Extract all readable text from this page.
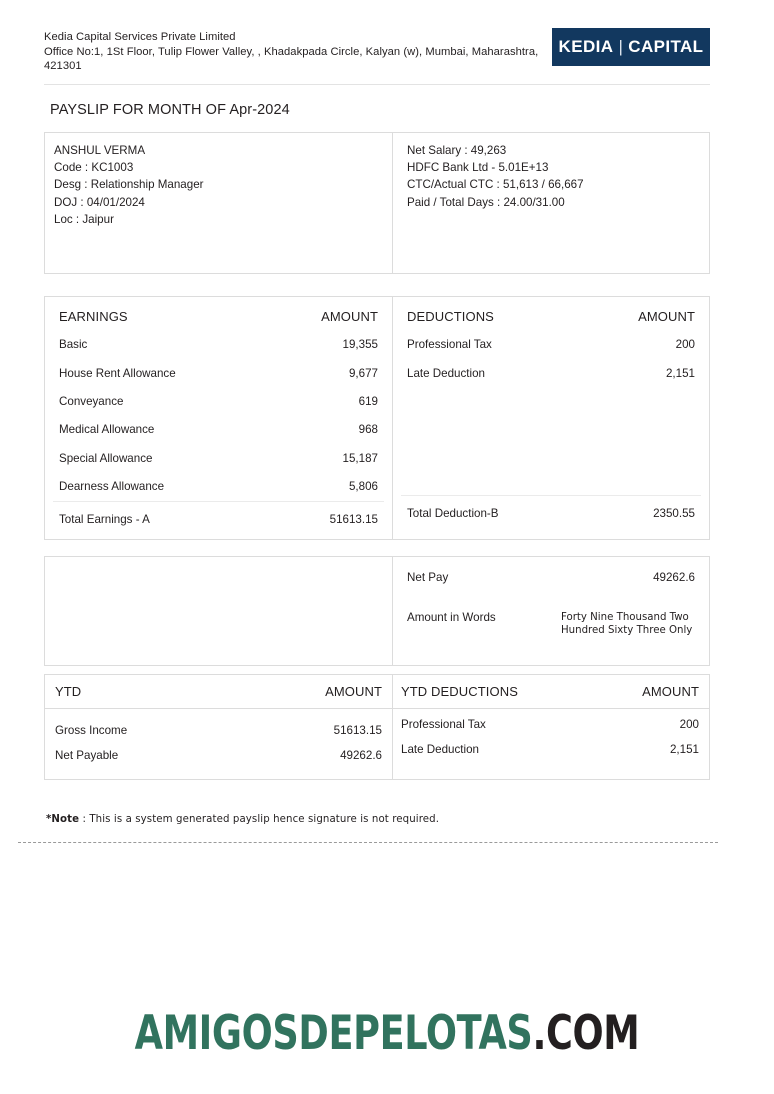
Kedia Capital Services Private Limited
Office No:1, 1St Floor, Tulip Flower Valley, , Khadakpada Circle, Kalyan (w), Mumbai, Maharashtra, 421301
KEDIA | CAPITAL
PAYSLIP FOR MONTH OF Apr-2024
ANSHUL VERMA
Code : KC1003
Desg : Relationship Manager
DOJ : 04/01/2024
Loc : Jaipur
Net Salary : 49,263
HDFC Bank Ltd - 5.01E+13
CTC/Actual CTC : 51,613 / 66,667
Paid / Total Days : 24.00/31.00
EARNINGS	AMOUNT
Basic	19,355
House Rent Allowance	9,677
Conveyance	619
Medical Allowance	968
Special Allowance	15,187
Dearness Allowance	5,806
Total Earnings - A	51613.15
DEDUCTIONS	AMOUNT
Professional Tax	200
Late Deduction	2,151
Total Deduction-B	2350.55
Net Pay	49262.6
Amount in Words	Forty Nine Thousand Two Hundred Sixty Three Only
YTD	AMOUNT
Gross Income	51613.15
Net Payable	49262.6
YTD DEDUCTIONS	AMOUNT
Professional Tax	200
Late Deduction	2,151
*Note : This is a system generated payslip hence signature is not required.
AMIGOSDEPELOTAS.COM
